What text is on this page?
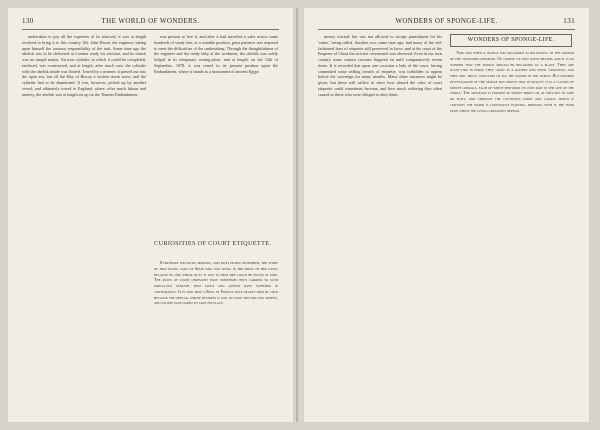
130	THE WORLD OF WONDERS.

undertaken to pay all the expenses of its removal, it was at length resolved to bring it to this country. Mr. John Dixon, the engineer, taking upon himself the onerous responsibility of the task. Some time ago the obelisk was to be delivered in London ready for erection, and its transit was no simple matter. An iron cylinder, in which it could be completely enclosed, was constructed, and at length, after much care, the cylinder with the obelisk inside was floated. Towed by a steamer, it passed out into the open sea, but off the Bay of Biscay a violent storm arose, and the cylinder had to be abandoned. It was, however, picked up by another vessel, and ultimately towed to England, where, after much labour and anxiety, the obelisk was at length set up on the Thames Embankment.

was present to free it, and after it had travelled a safer across some hundreds of sandy feet, to a suitable position, great patience was required to meet the difficulties of the undertaking. Through the thoughtfulness of the engineer and the ready help of the workmen, the obelisk was safely lodged in its temporary resting-place, and at length, on the 12th of September, 1878, it was raised to its present position upon the Embankment, where it stands as a monument of ancient Egypt.

CURIOSITIES OF COURT ETIQUETTE.

Everybody has read, perhaps, and most people remember, the story of that royal lady of Spain who was dying in the midst of her court because no one whose duty it was to help her could be found in time. The rules of court ceremony have sometimes been carried to such ridiculous lengths that kings and queens have suffered in consequence. It is said that a King of France once nearly died of cold because the official whose business it was to light the fire was absent, and no one else dared to take his place.

WONDERS OF SPONGE-LIFE.	131

money toward, but was not allowed to escape punishment for his 'crime,' being called. Another, too, some time ago, had many of the old-fashioned laws of etiquette still preserved in force, and at the court of the Emperor of China the strictest ceremonial was observed. Even in our own country some curious customs lingered on until comparatively recent times. It is recorded that upon one occasion a lady of the court, having committed some trifling breach of etiquette, was forbidden to appear before the sovereign for many months. Many other instances might be given, but these will suffice to show how absurd the rules of court etiquette could sometimes become, and how much suffering they often caused to those who were obliged to obey them.

WONDERS OF SPONGE-LIFE.

Time was when a sponge was regarded as belonging to the domain of the vegetable kingdom. Of course we now know better, and it is no wonder that the sponge should be regarded as a plant. They are plant-like in form; they grow in a rooted and fixed condition; and they are, truly, dwellers of all the waters in the world. But further investigation of the sponge has shown that in reality it is a colony of minute animals, each of which performs its own part in the life of the whole. The skeleton is formed of horny fibres or of spicules of lime or flint, and through the countless pores and canals which it contains the water is constantly flowing, bringing with it the food upon which the living creatures depend.
